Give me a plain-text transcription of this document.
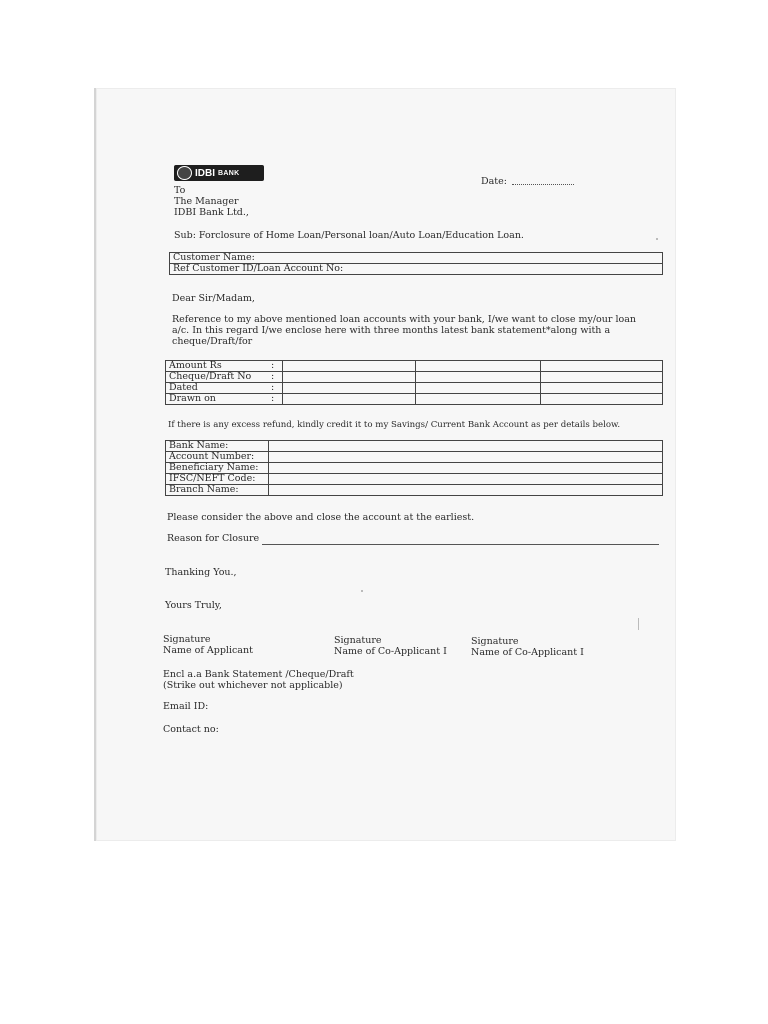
IDBI BANK
Date:
To
The Manager
IDBI Bank Ltd.,
Sub: Forclosure of Home Loan/Personal loan/Auto Loan/Education Loan.
Customer Name:
Ref Customer ID/Loan Account No:
Dear Sir/Madam,
Reference to my above mentioned loan accounts with your bank, I/we want to close my/our loan
a/c. In this regard I/we enclose here with three months latest bank statement*along with a
cheque/Draft/for
Amount Rs	:			
Cheque/Draft No	:			
Dated	:			
Drawn on	:			
If there is any excess refund, kindly credit it to my Savings/ Current Bank Account as per details below.
Bank Name:	
Account Number:	
Beneficiary Name:	
IFSC/NEFT Code:	
Branch Name:	
Please consider the above and close the account at the earliest.
Reason for Closure
Thanking You.,
Yours Truly,
Signature
Name of Applicant
Signature
Name of Co-Applicant I
Signature
Name of Co-Applicant I
Encl a.a Bank Statement /Cheque/Draft
(Strike out whichever not applicable)
Email ID:
Contact no:
